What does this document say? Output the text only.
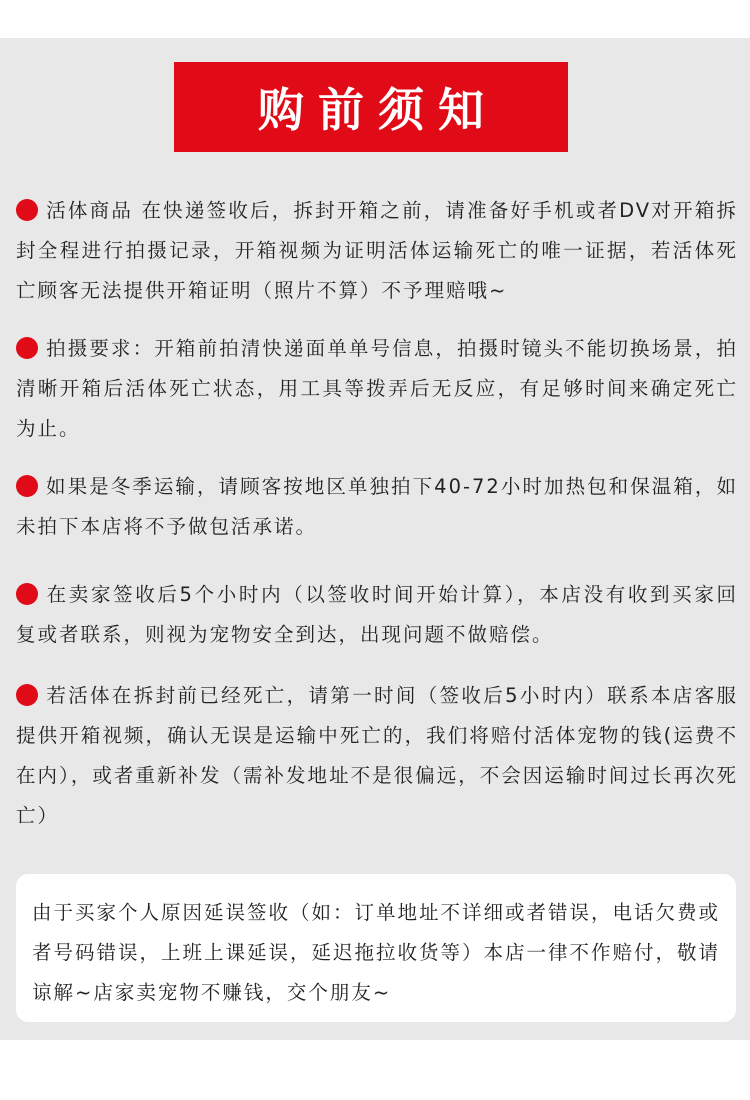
购前须知

活体商品 在快递签收后，拆封开箱之前，请准备好手机或者DV对开箱拆封全程进行拍摄记录，开箱视频为证明活体运输死亡的唯一证据，若活体死亡顾客无法提供开箱证明（照片不算）不予理赔哦~

拍摄要求：开箱前拍清快递面单单号信息，拍摄时镜头不能切换场景，拍清晰开箱后活体死亡状态，用工具等拨弄后无反应，有足够时间来确定死亡为止。

如果是冬季运输，请顾客按地区单独拍下40-72小时加热包和保温箱，如未拍下本店将不予做包活承诺。

在卖家签收后5个小时内（以签收时间开始计算），本店没有收到买家回复或者联系，则视为宠物安全到达，出现问题不做赔偿。

若活体在拆封前已经死亡，请第一时间（签收后5小时内）联系本店客服提供开箱视频，确认无误是运输中死亡的，我们将赔付活体宠物的钱(运费不在内），或者重新补发（需补发地址不是很偏远，不会因运输时间过长再次死亡）

由于买家个人原因延误签收（如：订单地址不详细或者错误，电话欠费或者号码错误，上班上课延误，延迟拖拉收货等）本店一律不作赔付，敬请谅解~店家卖宠物不赚钱，交个朋友~
